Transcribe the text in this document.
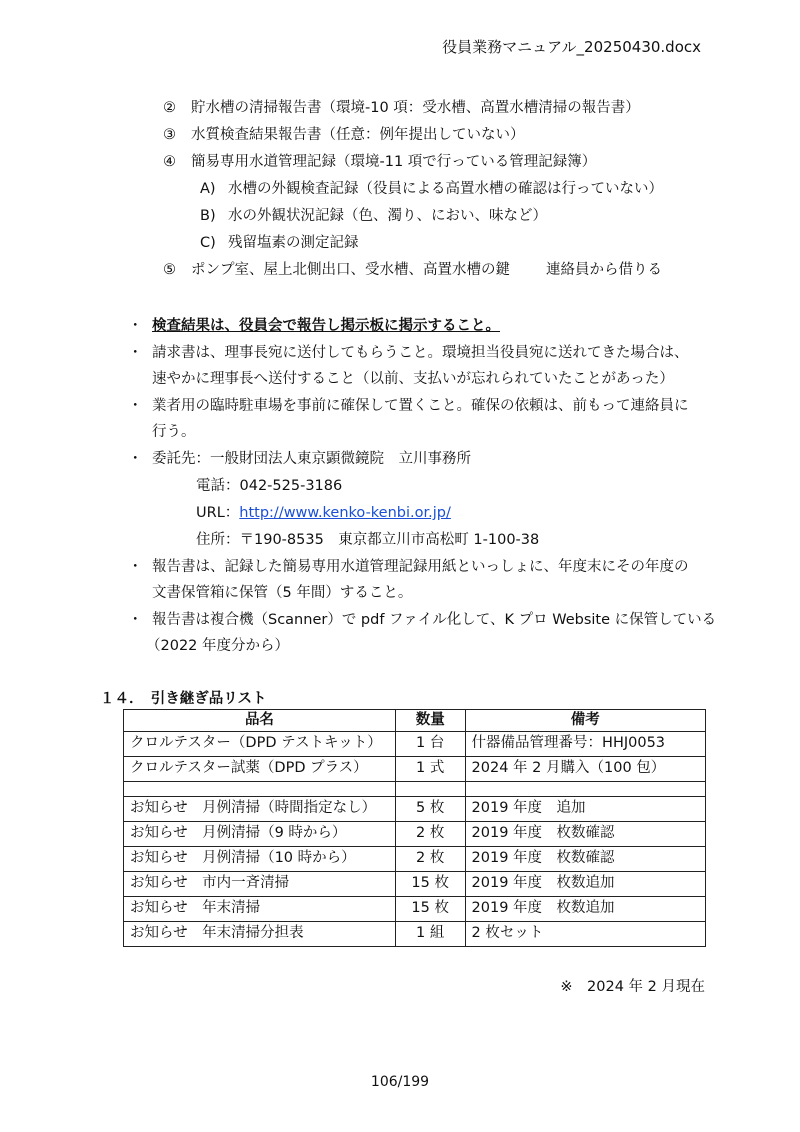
役員業務マニュアル_20250430.docx
② 貯水槽の清掃報告書（環境-10 項：受水槽、高置水槽清掃の報告書）
③ 水質検査結果報告書（任意：例年提出していない）
④ 簡易専用水道管理記録（環境-11 項で行っている管理記録簿）
A) 水槽の外観検査記録（役員による高置水槽の確認は行っていない）
B) 水の外観状況記録（色、濁り、におい、味など）
C) 残留塩素の測定記録
⑤ ポンプ室、屋上北側出口、受水槽、高置水槽の鍵 連絡員から借りる
・ 検査結果は、役員会で報告し掲示板に掲示すること。
・ 請求書は、理事長宛に送付してもらうこと。環境担当役員宛に送れてきた場合は、
速やかに理事長へ送付すること（以前、支払いが忘れられていたことがあった）
・ 業者用の臨時駐車場を事前に確保して置くこと。確保の依頼は、前もって連絡員に
行う。
・ 委託先：一般財団法人東京顕微鏡院　立川事務所
電話：042-525-3186
URL：http://www.kenko-kenbi.or.jp/
住所：〒190-8535　東京都立川市高松町 1-100-38
・ 報告書は、記録した簡易専用水道管理記録用紙といっしょに、年度末にその年度の
文書保管箱に保管（5 年間）すること。
・ 報告書は複合機（Scanner）で pdf ファイル化して、K プロ Website に保管している
（2022 年度分から）
１４．　引き継ぎ品リスト
品名	数量	備考
クロルテスター（DPD テストキット）	1 台	什器備品管理番号：HHJ0053
クロルテスター試薬（DPD プラス）	1 式	2024 年 2 月購入（100 包）

お知らせ　月例清掃（時間指定なし）	5 枚	2019 年度　追加
お知らせ　月例清掃（9 時から）	2 枚	2019 年度　枚数確認
お知らせ　月例清掃（10 時から）	2 枚	2019 年度　枚数確認
お知らせ　市内一斉清掃	15 枚	2019 年度　枚数追加
お知らせ　年末清掃	15 枚	2019 年度　枚数追加
お知らせ　年末清掃分担表	1 組	2 枚セット
※　2024 年 2 月現在
106/199
